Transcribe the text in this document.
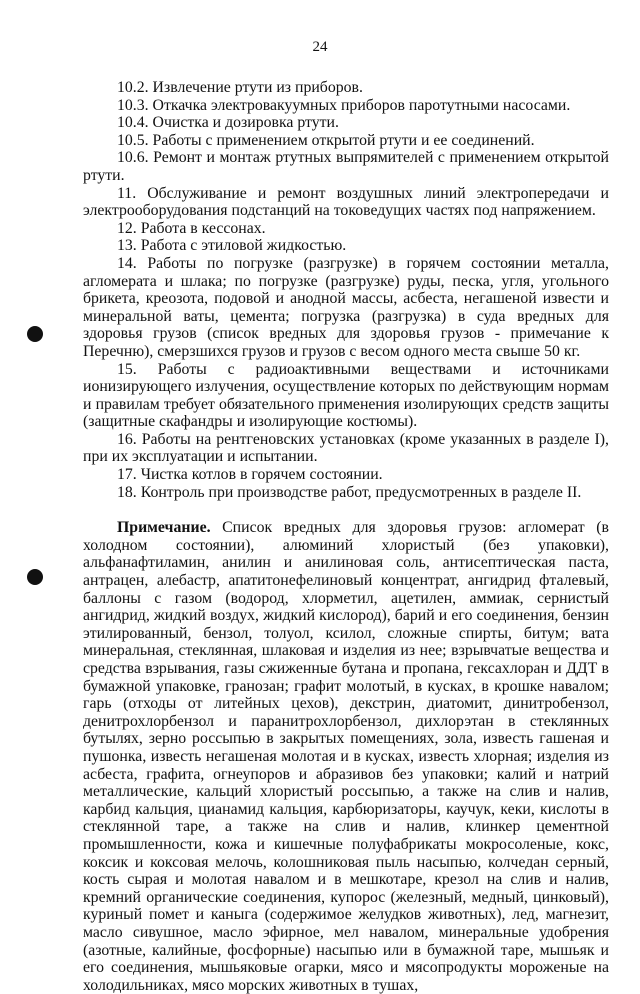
24

10.2. Извлечение ртути из приборов.

10.3. Откачка электровакуумных приборов паротутными насосами.

10.4. Очистка и дозировка ртути.

10.5. Работы с применением открытой ртути и ее соединений.

10.6. Ремонт и монтаж ртутных выпрямителей с применением открытой ртути.

11. Обслуживание и ремонт воздушных линий электропередачи и электрооборудования подстанций на токоведущих частях под напряжением.

12. Работа в кессонах.

13. Работа с этиловой жидкостью.

14. Работы по погрузке (разгрузке) в горячем состоянии металла, агломерата и шлака; по погрузке (разгрузке) руды, песка, угля, угольного брикета, креозота, подовой и анодной массы, асбеста, негашеной извести и минеральной ваты, цемента; погрузка (разгрузка) в суда вредных для здоровья грузов (список вредных для здоровья грузов - примечание к Перечню), смерзшихся грузов и грузов с весом одного места свыше 50 кг.

15. Работы с радиоактивными веществами и источниками ионизирующего излучения, осуществление которых по действующим нормам и правилам требует обязательного применения изолирующих средств защиты (защитные скафандры и изолирующие костюмы).

16. Работы на рентгеновских установках (кроме указанных в разделе I), при их эксплуатации и испытании.

17. Чистка котлов в горячем состоянии.

18. Контроль при производстве работ, предусмотренных в разделе II.

Примечание. Список вредных для здоровья грузов: агломерат (в холодном состоянии), алюминий хлористый (без упаковки), альфанафтиламин, анилин и анилиновая соль, антисептическая паста, антрацен, алебастр, апатитонефелиновый концентрат, ангидрид фталевый, баллоны с газом (водород, хлорметил, ацетилен, аммиак, сернистый ангидрид, жидкий воздух, жидкий кислород), барий и его соединения, бензин этилированный, бензол, толуол, ксилол, сложные спирты, битум; вата минеральная, стеклянная, шлаковая и изделия из нее; взрывчатые вещества и средства взрывания, газы сжиженные бутана и пропана, гексахлоран и ДДТ в бумажной упаковке, гранозан; графит молотый, в кусках, в крошке навалом; гарь (отходы от литейных цехов), декстрин, диатомит, динитробензол, денитрохлорбензол и паранитрохлорбензол, дихлорэтан в стеклянных бутылях, зерно россыпью в закрытых помещениях, зола, известь гашеная и пушонка, известь негашеная молотая и в кусках, известь хлорная; изделия из асбеста, графита, огнеупоров и абразивов без упаковки; калий и натрий металлические, кальций хлористый россыпью, а также на слив и налив, карбид кальция, цианамид кальция, карбюризаторы, каучук, кеки, кислоты в стеклянной таре, а также на слив и налив, клинкер цементной промышленности, кожа и кишечные полуфабрикаты мокросоленые, кокс, коксик и коксовая мелочь, колошниковая пыль насыпью, колчедан серный, кость сырая и молотая навалом и в мешкотаре, крезол на слив и налив, кремний органические соединения, купорос (железный, медный, цинковый), куриный помет и каныга (содержимое желудков животных), лед, магнезит, масло сивушное, масло эфирное, мел навалом, минеральные удобрения (азотные, калийные, фосфорные) насыпью или в бумажной таре, мышьяк и его соединения, мышьяковые огарки, мясо и мясопродукты мороженые на холодильниках, мясо морских животных в тушах,
